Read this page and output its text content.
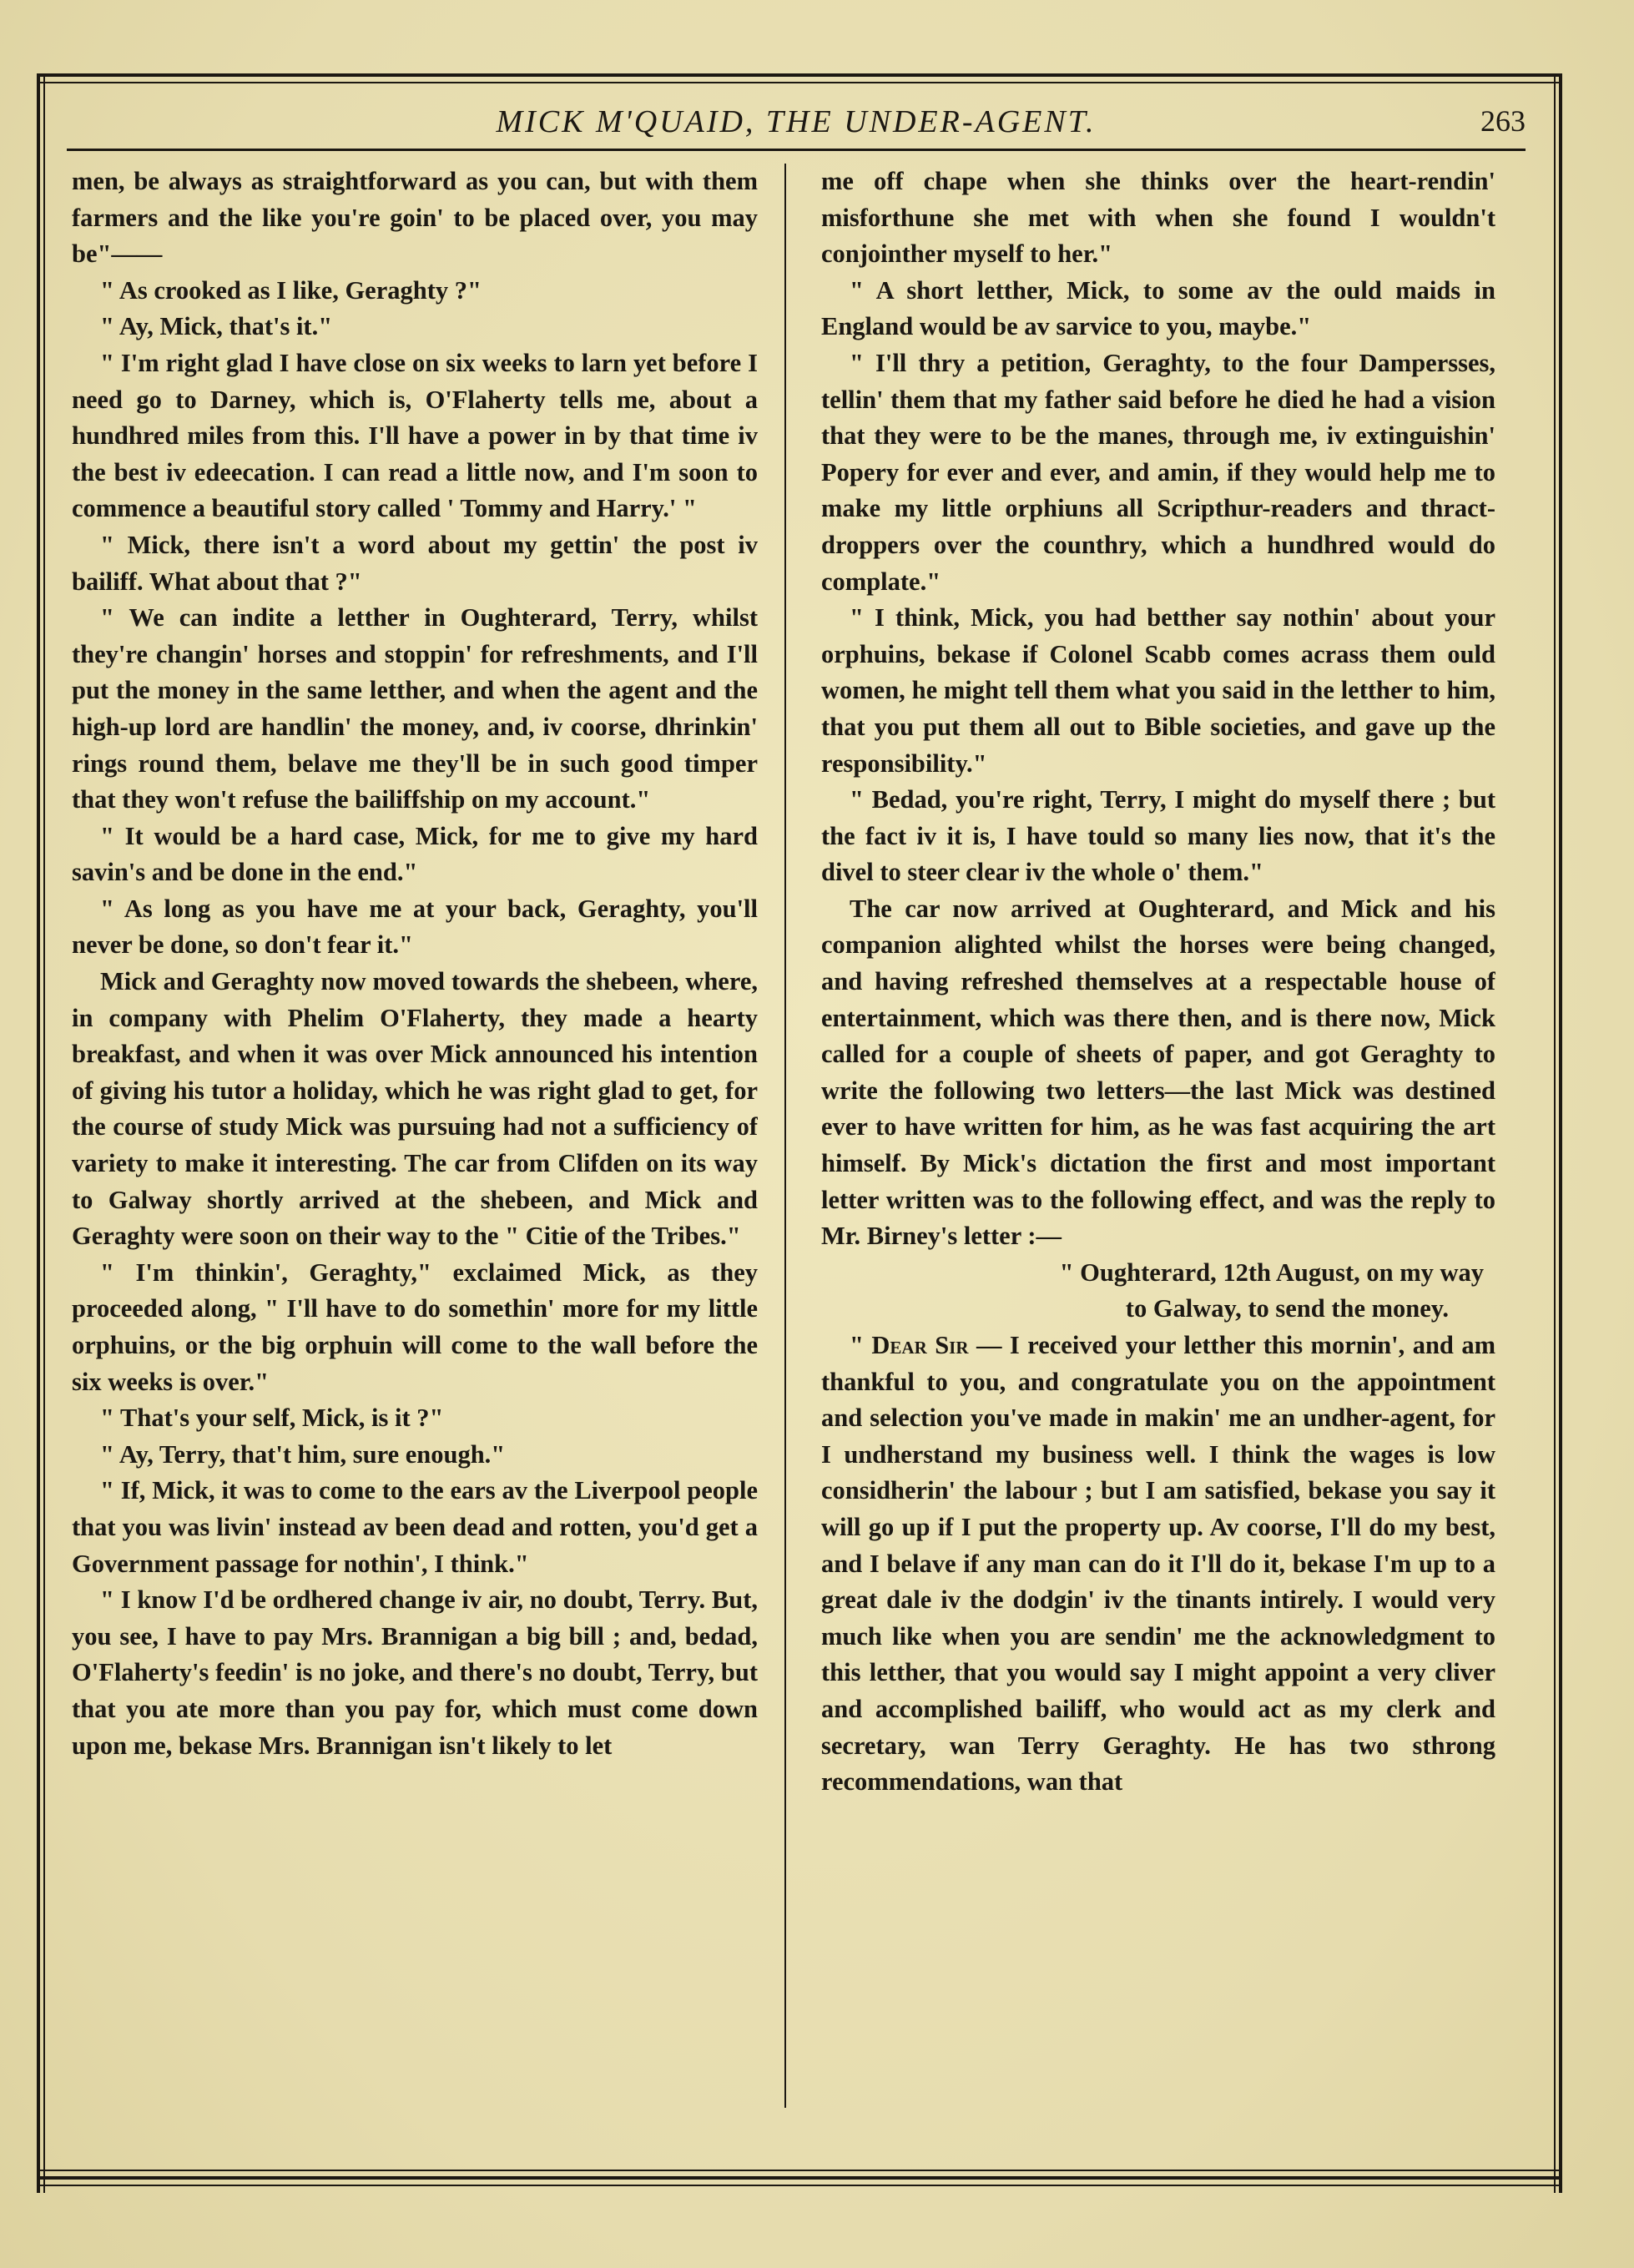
MICK M'QUAID, THE UNDER-AGENT.	263

men, be always as straightforward as you can, but with them farmers and the like you're goin' to be placed over, you may be"——

" As crooked as I like, Geraghty ?"

" Ay, Mick, that's it."

" I'm right glad I have close on six weeks to larn yet before I need go to Darney, which is, O'Flaherty tells me, about a hundhred miles from this. I'll have a power in by that time iv the best iv edeecation. I can read a little now, and I'm soon to commence a beautiful story called ' Tommy and Harry.' "

" Mick, there isn't a word about my gettin' the post iv bailiff. What about that ?"

" We can indite a letther in Oughterard, Terry, whilst they're changin' horses and stoppin' for refreshments, and I'll put the money in the same letther, and when the agent and the high-up lord are handlin' the money, and, iv coorse, dhrinkin' rings round them, belave me they'll be in such good timper that they won't refuse the bailiffship on my account."

" It would be a hard case, Mick, for me to give my hard savin's and be done in the end."

" As long as you have me at your back, Geraghty, you'll never be done, so don't fear it."

Mick and Geraghty now moved towards the shebeen, where, in company with Phelim O'Flaherty, they made a hearty breakfast, and when it was over Mick announced his intention of giving his tutor a holiday, which he was right glad to get, for the course of study Mick was pursuing had not a sufficiency of variety to make it interesting. The car from Clifden on its way to Galway shortly arrived at the shebeen, and Mick and Geraghty were soon on their way to the " Citie of the Tribes."

" I'm thinkin', Geraghty," exclaimed Mick, as they proceeded along, " I'll have to do somethin' more for my little orphuins, or the big orphuin will come to the wall before the six weeks is over."

" That's your self, Mick, is it ?"

" Ay, Terry, that't him, sure enough."

" If, Mick, it was to come to the ears av the Liverpool people that you was livin' instead av been dead and rotten, you'd get a Government passage for nothin', I think."

" I know I'd be ordhered change iv air, no doubt, Terry. But, you see, I have to pay Mrs. Brannigan a big bill ; and, bedad, O'Flaherty's feedin' is no joke, and there's no doubt, Terry, but that you ate more than you pay for, which must come down upon me, bekase Mrs. Brannigan isn't likely to let

me off chape when she thinks over the heart-rendin' misforthune she met with when she found I wouldn't conjointher myself to her."

" A short letther, Mick, to some av the ould maids in England would be av sarvice to you, maybe."

" I'll thry a petition, Geraghty, to the four Dampersses, tellin' them that my father said before he died he had a vision that they were to be the manes, through me, iv extinguishin' Popery for ever and ever, and amin, if they would help me to make my little orphiuns all Scripthur-readers and thract-droppers over the counthry, which a hundhred would do complate."

" I think, Mick, you had betther say nothin' about your orphuins, bekase if Colonel Scabb comes acrass them ould women, he might tell them what you said in the letther to him, that you put them all out to Bible societies, and gave up the responsibility."

" Bedad, you're right, Terry, I might do myself there ; but the fact iv it is, I have tould so many lies now, that it's the divel to steer clear iv the whole o' them."

The car now arrived at Oughterard, and Mick and his companion alighted whilst the horses were being changed, and having refreshed themselves at a respectable house of entertainment, which was there then, and is there now, Mick called for a couple of sheets of paper, and got Geraghty to write the following two letters—the last Mick was destined ever to have written for him, as he was fast acquiring the art himself. By Mick's dictation the first and most important letter written was to the following effect, and was the reply to Mr. Birney's letter :—

" Oughterard, 12th August, on my way

to Galway, to send the money.

" Dear Sir — I received your letther this mornin', and am thankful to you, and congratulate you on the appointment and selection you've made in makin' me an undher-agent, for I undherstand my business well. I think the wages is low considherin' the labour ; but I am satisfied, bekase you say it will go up if I put the property up. Av coorse, I'll do my best, and I belave if any man can do it I'll do it, bekase I'm up to a great dale iv the dodgin' iv the tinants intirely. I would very much like when you are sendin' me the acknowledgment to this letther, that you would say I might appoint a very cliver and accomplished bailiff, who would act as my clerk and secretary, wan Terry Geraghty. He has two sthrong recommendations, wan that
